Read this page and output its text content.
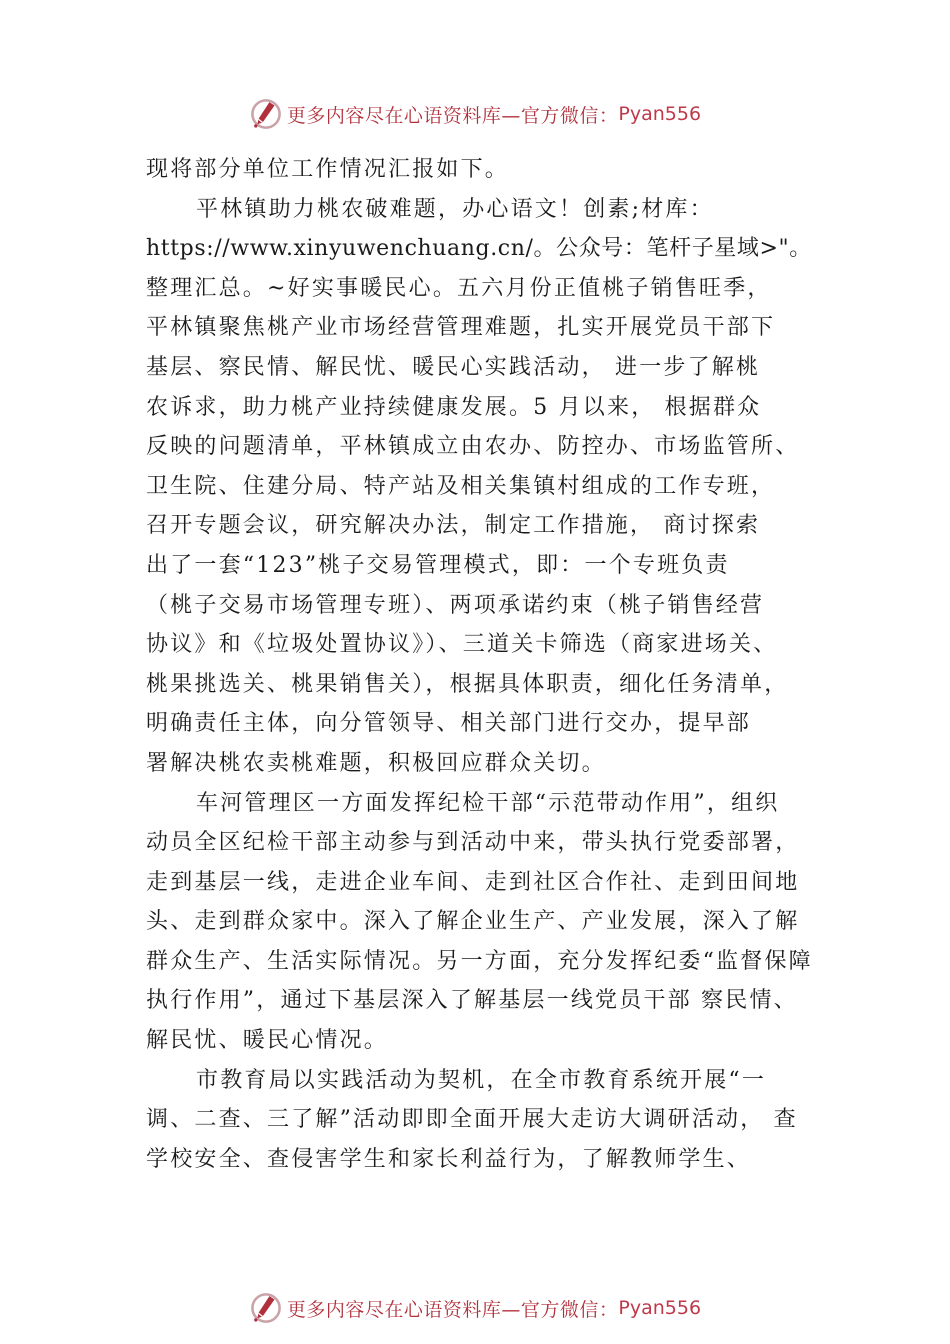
更多内容尽在心语资料库—官方微信： Pyan556
现将部分单位工作情况汇报如下。
平林镇助力桃农破难题，办心语文！创素;材库：
https://www.xinyuwenchuang.cn/。公众号：笔杆子星域>"。
整理汇总。~好实事暖民心。五六月份正值桃子销售旺季，
平林镇聚焦桃产业市场经营管理难题，扎实开展党员干部下
基层、察民情、解民忧、暖民心实践活动， 进一步了解桃
农诉求，助力桃产业持续健康发展。5 月以来， 根据群众
反映的问题清单，平林镇成立由农办、防控办、市场监管所、
卫生院、住建分局、特产站及相关集镇村组成的工作专班，
召开专题会议，研究解决办法，制定工作措施， 商讨探索
出了一套“123”桃子交易管理模式，即：一个专班负责
（桃子交易市场管理专班）、两项承诺约束（桃子销售经营
协议》和《垃圾处置协议》）、三道关卡筛选（商家进场关、
桃果挑选关、桃果销售关），根据具体职责，细化任务清单，
明确责任主体，向分管领导、相关部门进行交办，提早部
署解决桃农卖桃难题，积极回应群众关切。
车河管理区一方面发挥纪检干部“示范带动作用”，组织
动员全区纪检干部主动参与到活动中来，带头执行党委部署，
走到基层一线，走进企业车间、走到社区合作社、走到田间地
头、走到群众家中。深入了解企业生产、产业发展，深入了解
群众生产、生活实际情况。另一方面，充分发挥纪委“监督保障
执行作用”，通过下基层深入了解基层一线党员干部 察民情、
解民忧、暖民心情况。
市教育局以实践活动为契机，在全市教育系统开展“一
调、二查、三了解”活动即即全面开展大走访大调研活动， 查
学校安全、查侵害学生和家长利益行为，了解教师学生、
更多内容尽在心语资料库—官方微信： Pyan556
